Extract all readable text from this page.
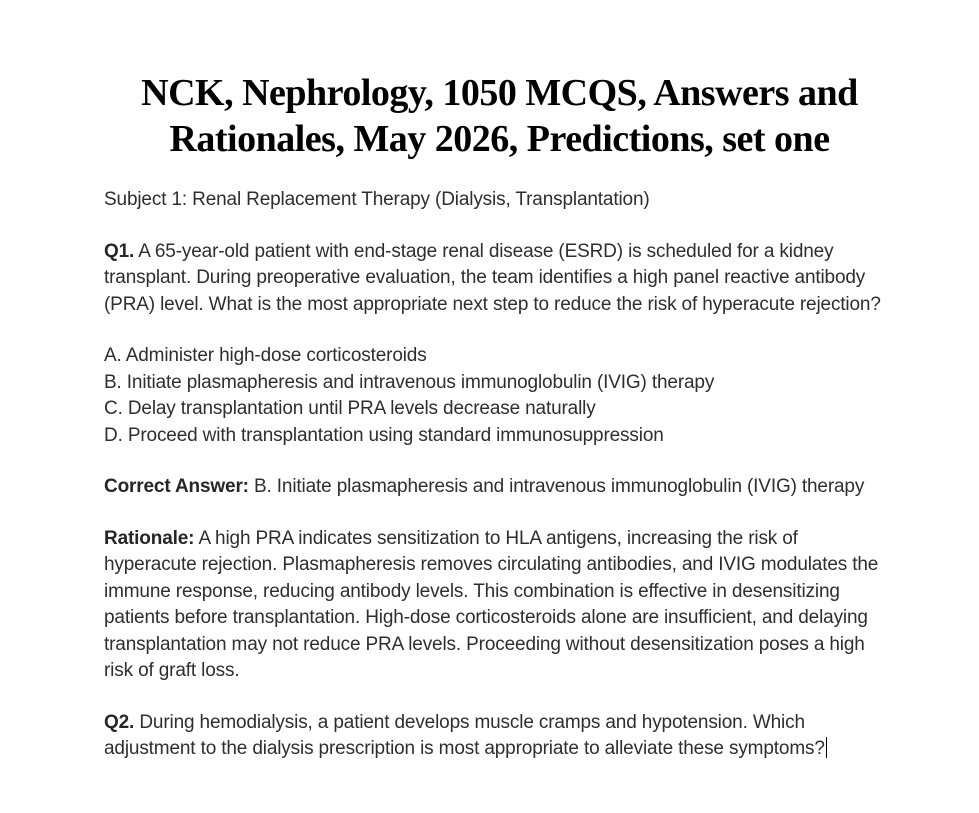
NCK, Nephrology, 1050 MCQS, Answers and
Rationales, May 2026, Predictions, set one

Subject 1: Renal Replacement Therapy (Dialysis, Transplantation)

Q1. A 65-year-old patient with end-stage renal disease (ESRD) is scheduled for a kidney transplant. During preoperative evaluation, the team identifies a high panel reactive antibody (PRA) level. What is the most appropriate next step to reduce the risk of hyperacute rejection?

A. Administer high-dose corticosteroids
B. Initiate plasmapheresis and intravenous immunoglobulin (IVIG) therapy
C. Delay transplantation until PRA levels decrease naturally
D. Proceed with transplantation using standard immunosuppression

Correct Answer: B. Initiate plasmapheresis and intravenous immunoglobulin (IVIG) therapy

Rationale: A high PRA indicates sensitization to HLA antigens, increasing the risk of hyperacute rejection. Plasmapheresis removes circulating antibodies, and IVIG modulates the immune response, reducing antibody levels. This combination is effective in desensitizing patients before transplantation. High-dose corticosteroids alone are insufficient, and delaying transplantation may not reduce PRA levels. Proceeding without desensitization poses a high risk of graft loss.

Q2. During hemodialysis, a patient develops muscle cramps and hypotension. Which adjustment to the dialysis prescription is most appropriate to alleviate these symptoms?
